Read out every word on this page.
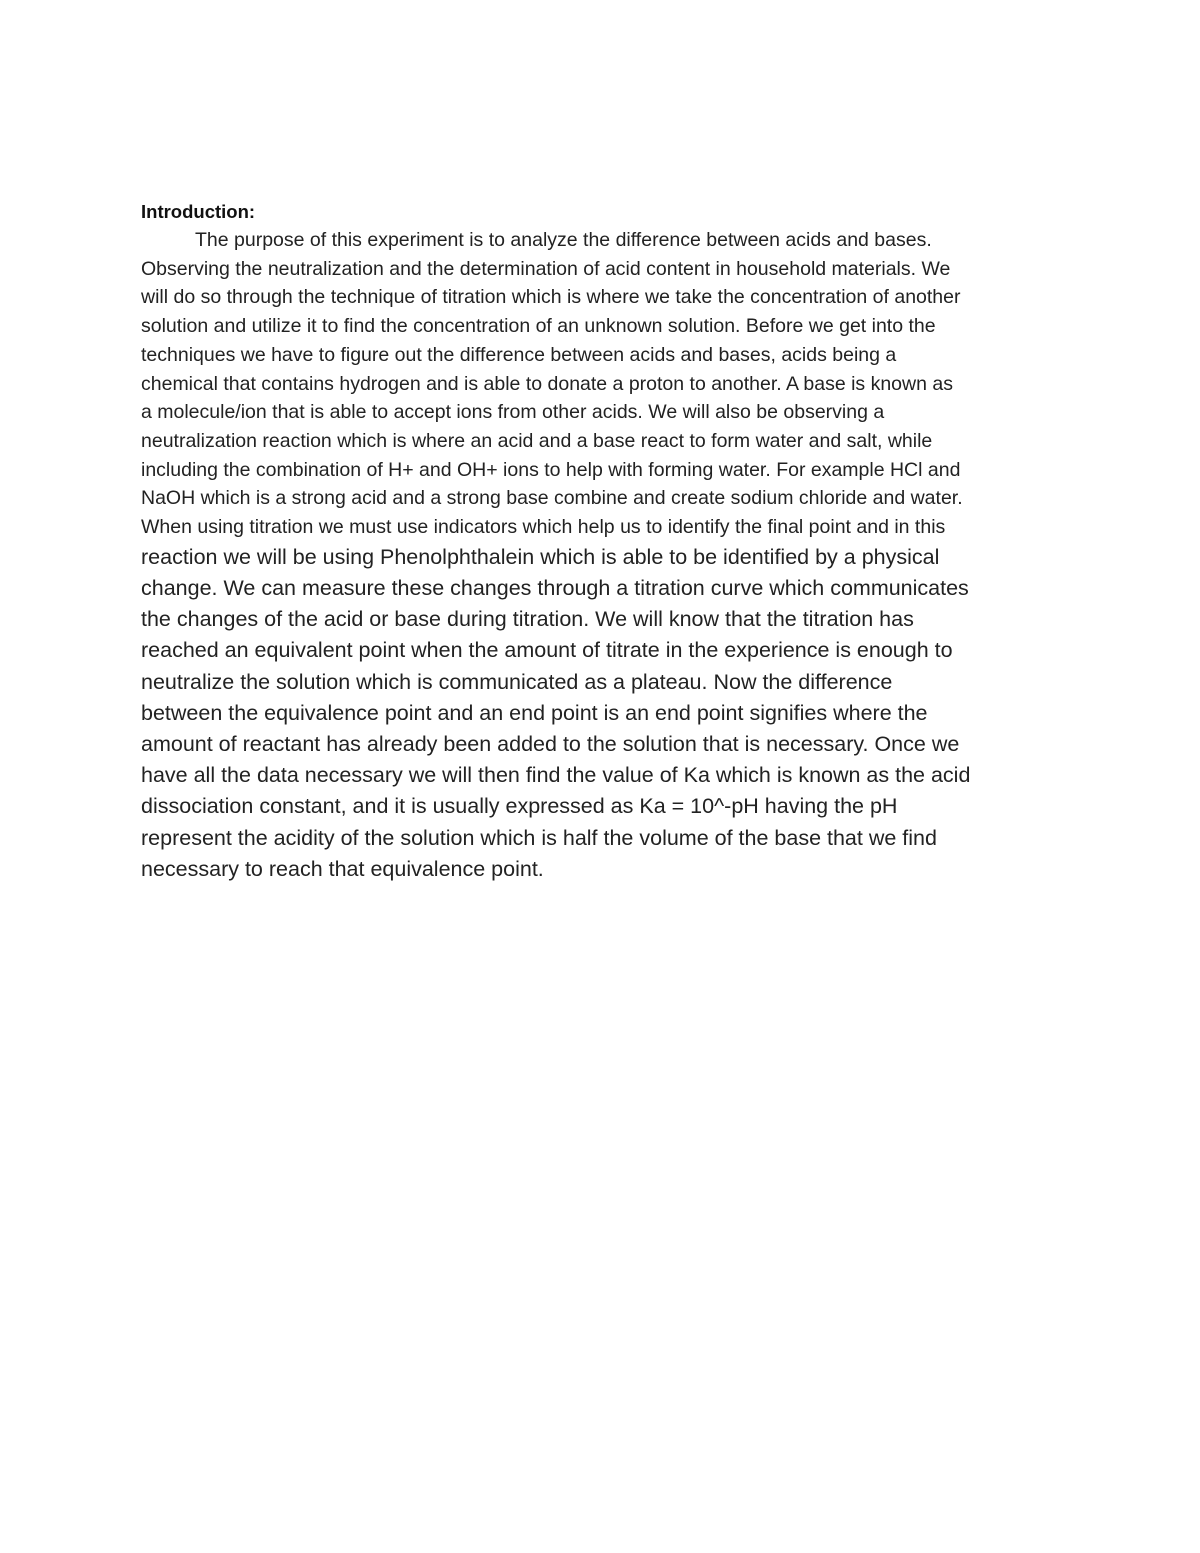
Introduction:

The purpose of this experiment is to analyze the difference between acids and bases.
Observing the neutralization and the determination of acid content in household materials. We
will do so through the technique of titration which is where we take the concentration of another
solution and utilize it to find the concentration of an unknown solution. Before we get into the
techniques we have to figure out the difference between acids and bases, acids being a
chemical that contains hydrogen and is able to donate a proton to another. A base is known as
a molecule/ion that is able to accept ions from other acids. We will also be observing a
neutralization reaction which is where an acid and a base react to form water and salt, while
including the combination of H+ and OH+ ions to help with forming water. For example HCl and
NaOH which is a strong acid and a strong base combine and create sodium chloride and water.
When using titration we must use indicators which help us to identify the final point and in this
reaction we will be using Phenolphthalein which is able to be identified by a physical
change. We can measure these changes through a titration curve which communicates
the changes of the acid or base during titration. We will know that the titration has
reached an equivalent point when the amount of titrate in the experience is enough to
neutralize the solution which is communicated as a plateau. Now the difference
between the equivalence point and an end point is an end point signifies where the
amount of reactant has already been added to the solution that is necessary. Once we
have all the data necessary we will then find the value of Ka which is known as the acid
dissociation constant, and it is usually expressed as Ka = 10^-pH having the pH
represent the acidity of the solution which is half the volume of the base that we find
necessary to reach that equivalence point.
